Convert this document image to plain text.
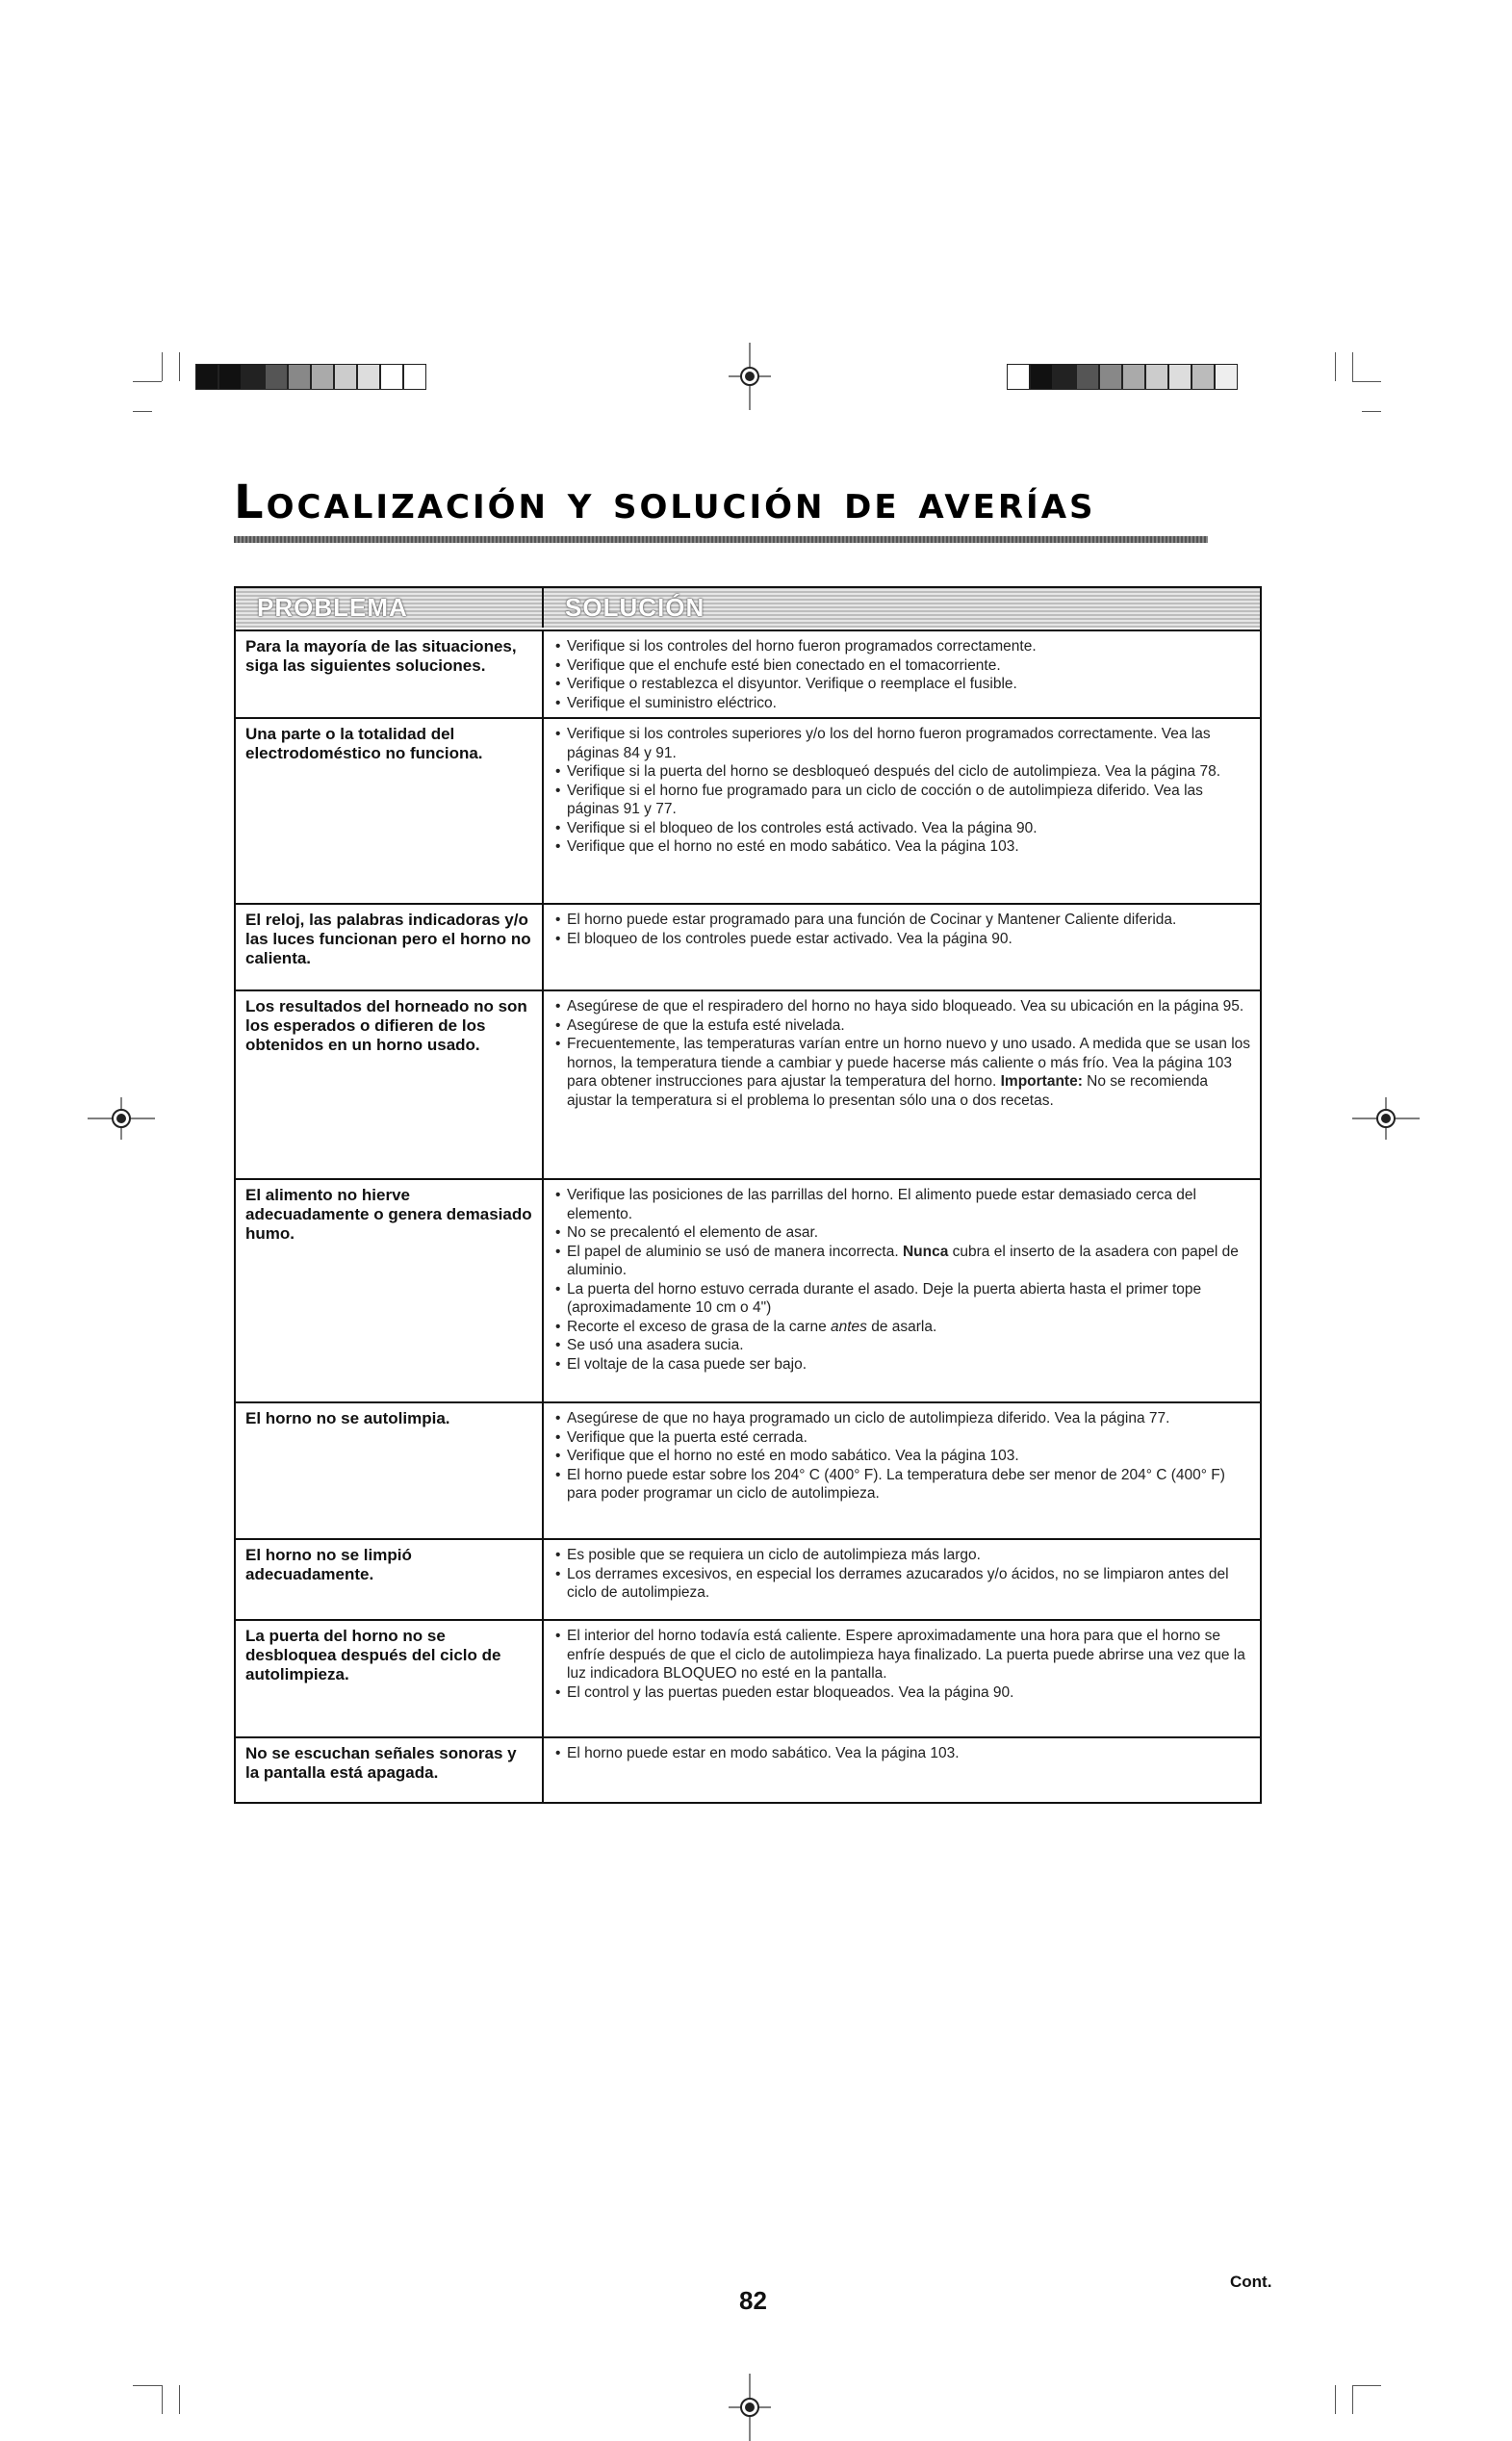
Localización y solución de averías
PROBLEMA	SOLUCIÓN
Para la mayoría de las situaciones, siga las siguientes soluciones.
• Verifique si los controles del horno fueron programados correctamente.
• Verifique que el enchufe esté bien conectado en el tomacorriente.
• Verifique o restablezca el disyuntor. Verifique o reemplace el fusible.
• Verifique el suministro eléctrico.
Una parte o la totalidad del electrodoméstico no funciona.
• Verifique si los controles superiores y/o los del horno fueron programados correctamente. Vea las páginas 84 y 91.
• Verifique si la puerta del horno se desbloqueó después del ciclo de autolimpieza. Vea la página 78.
• Verifique si el horno fue programado para un ciclo de cocción o de autolimpieza diferido. Vea las páginas 91 y 77.
• Verifique si el bloqueo de los controles está activado. Vea la página 90.
• Verifique que el horno no esté en modo sabático. Vea la página 103.
El reloj, las palabras indicadoras y/o las luces funcionan pero el horno no calienta.
• El horno puede estar programado para una función de Cocinar y Mantener Caliente diferida.
• El bloqueo de los controles puede estar activado. Vea la página 90.
Los resultados del horneado no son los esperados o difieren de los obtenidos en un horno usado.
• Asegúrese de que el respiradero del horno no haya sido bloqueado. Vea su ubicación en la página 95.
• Asegúrese de que la estufa esté nivelada.
• Frecuentemente, las temperaturas varían entre un horno nuevo y uno usado. A medida que se usan los hornos, la temperatura tiende a cambiar y puede hacerse más caliente o más frío. Vea la página 103 para obtener instrucciones para ajustar la temperatura del horno. Importante: No se recomienda ajustar la temperatura si el problema lo presentan sólo una o dos recetas.
El alimento no hierve adecuadamente o genera demasiado humo.
• Verifique las posiciones de las parrillas del horno. El alimento puede estar demasiado cerca del elemento.
• No se precalentó el elemento de asar.
• El papel de aluminio se usó de manera incorrecta. Nunca cubra el inserto de la asadera con papel de aluminio.
• La puerta del horno estuvo cerrada durante el asado. Deje la puerta abierta hasta el primer tope (aproximadamente 10 cm o 4")
• Recorte el exceso de grasa de la carne antes de asarla.
• Se usó una asadera sucia.
• El voltaje de la casa puede ser bajo.
El horno no se autolimpia.
•	Asegúrese de que no haya programado un ciclo de autolimpieza diferido. Vea la página 77.
• Verifique que la puerta esté cerrada.
• Verifique que el horno no esté en modo sabático. Vea la página 103.
• El horno puede estar sobre los 204° C (400° F). La temperatura debe ser menor de 204° C (400° F) para poder programar un ciclo de autolimpieza.
El horno no se limpió adecuadamente.
• Es posible que se requiera un ciclo de autolimpieza más largo.
• Los derrames excesivos, en especial los derrames azucarados y/o ácidos, no se limpiaron antes del ciclo de autolimpieza.
La puerta del horno no se desbloquea después del ciclo de autolimpieza.
• El interior del horno todavía está caliente. Espere aproximadamente una hora para que el horno se enfríe después de que el ciclo de autolimpieza haya finalizado. La puerta puede abrirse una vez que la luz indicadora BLOQUEO no esté en la pantalla.
• El control y las puertas pueden estar bloqueados. Vea la página 90.
No se escuchan señales sonoras y la pantalla está apagada.
• El horno puede estar en modo sabático. Vea la página 103.
82
Cont.
